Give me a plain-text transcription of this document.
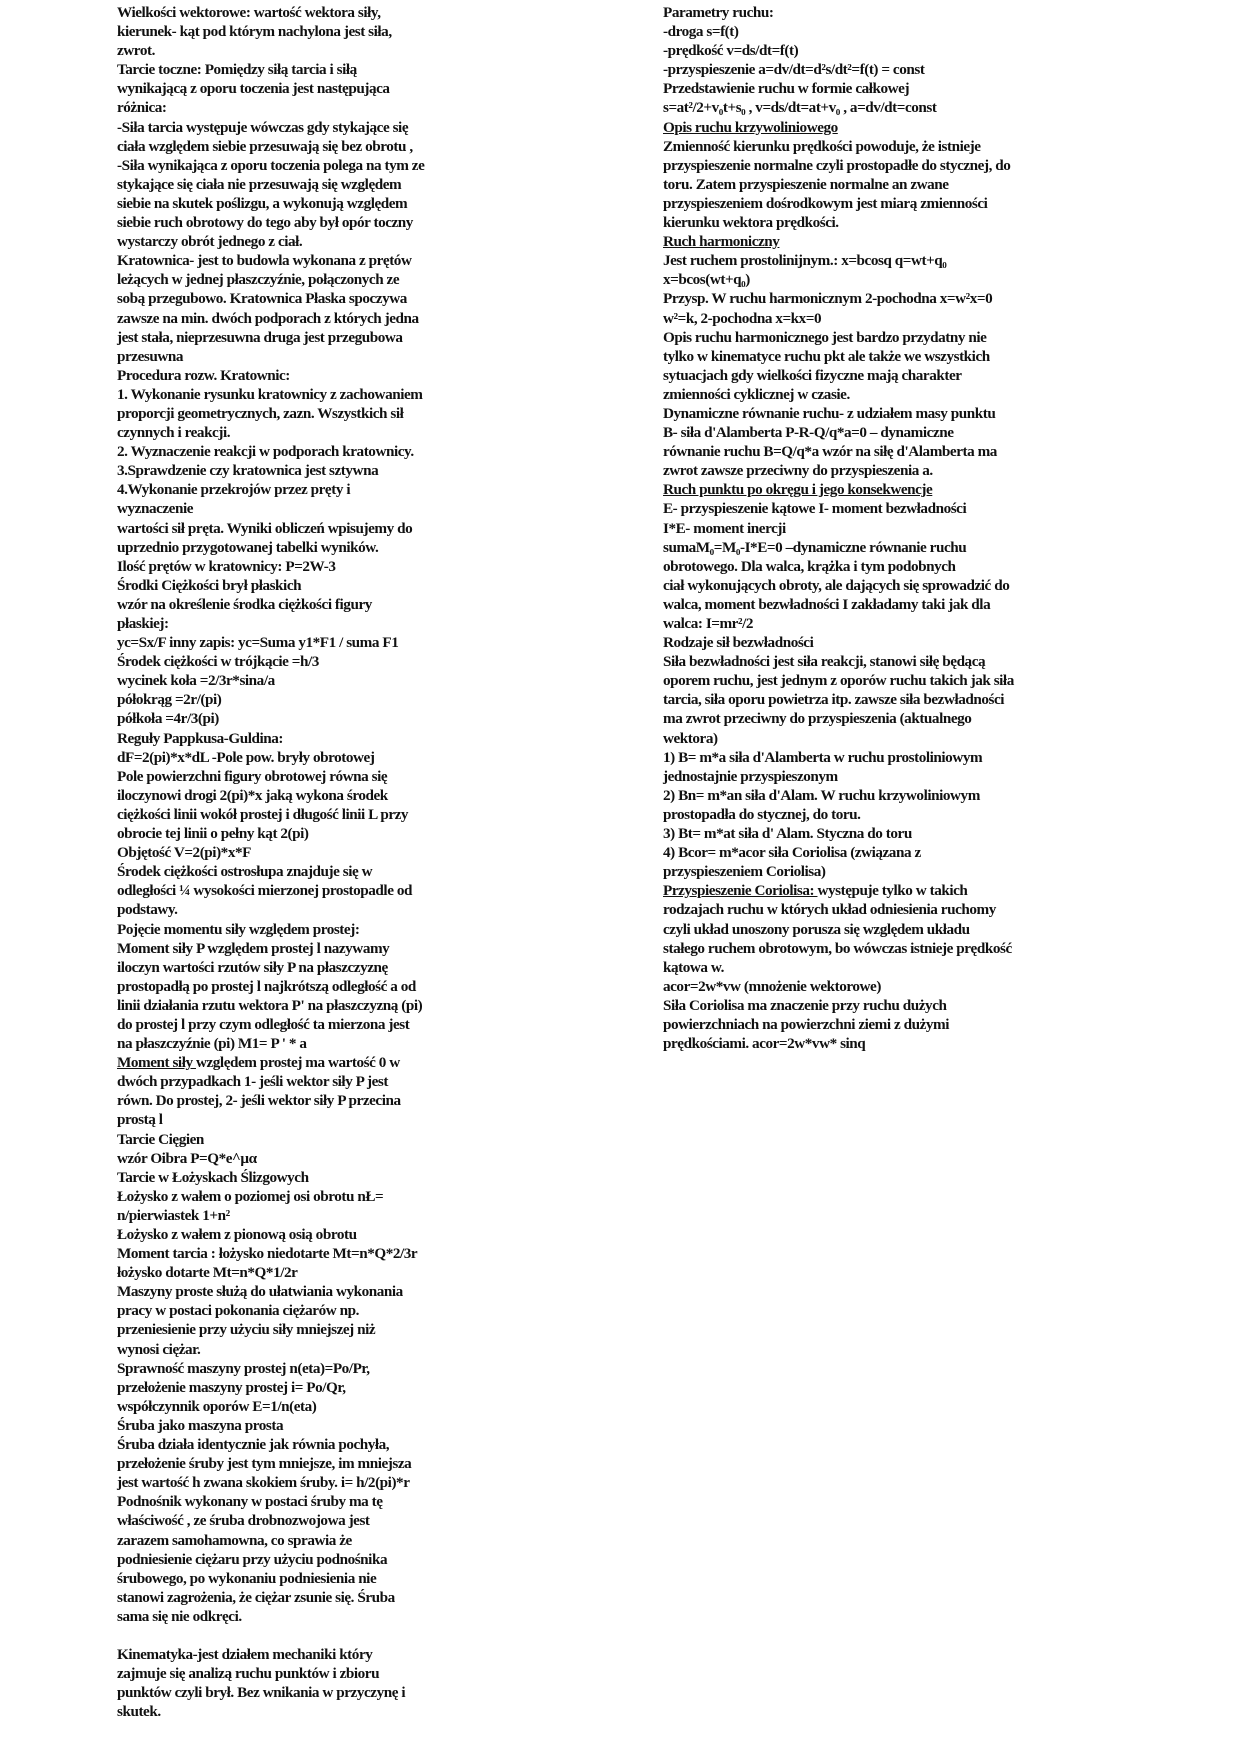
Wielkości wektorowe: wartość wektora siły,
kierunek- kąt pod którym nachylona jest siła,
zwrot.
Tarcie toczne: Pomiędzy siłą tarcia i siłą
wynikającą z oporu toczenia jest następująca
różnica:
-Siła tarcia występuje wówczas gdy stykające się
ciała względem siebie przesuwają się bez obrotu ,
-Siła wynikająca z oporu toczenia polega na tym ze
stykające się ciała nie przesuwają się względem
siebie na skutek poślizgu, a wykonują względem
siebie ruch obrotowy do tego aby był opór toczny
wystarczy obrót jednego z ciał.
Kratownica- jest to budowla wykonana z prętów
leżących w jednej płaszczyźnie, połączonych ze
sobą przegubowo. Kratownica Płaska spoczywa
zawsze na min. dwóch podporach z których jedna
jest stała, nieprzesuwna druga jest przegubowa
przesuwna
Procedura rozw. Kratownic:
1. Wykonanie rysunku kratownicy z zachowaniem
proporcji geometrycznych, zazn. Wszystkich sił
czynnych i reakcji.
2. Wyznaczenie reakcji w podporach kratownicy.
3.Sprawdzenie czy kratownica jest sztywna
4.Wykonanie przekrojów przez pręty i
wyznaczenie
wartości sił pręta. Wyniki obliczeń wpisujemy do
uprzednio przygotowanej tabelki wyników.
Ilość prętów w kratownicy: P=2W-3
Środki Ciężkości brył płaskich
wzór na określenie środka ciężkości figury
płaskiej:
yc=Sx/F inny zapis: yc=Suma y1*F1 / suma F1
Środek ciężkości w trójkącie =h/3
wycinek koła =2/3r*sina/a
półokrąg =2r/(pi)
półkoła =4r/3(pi)
Reguły Pappkusa-Guldina:
dF=2(pi)*x*dL -Pole pow. bryły obrotowej
Pole powierzchni figury obrotowej równa się
iloczynowi drogi 2(pi)*x jaką wykona środek
ciężkości linii wokół prostej i długość linii L przy
obrocie tej linii o pełny kąt 2(pi)
Objętość V=2(pi)*x*F
Środek ciężkości ostrosłupa znajduje się w
odległości ¼ wysokości mierzonej prostopadle od
podstawy.
Pojęcie momentu siły względem prostej:
Moment siły P względem prostej l nazywamy
iloczyn wartości rzutów siły P na płaszczyznę
prostopadłą po prostej l najkrótszą odległość a od
linii działania rzutu wektora P' na płaszczyzną (pi)
do prostej l przy czym odległość ta mierzona jest
na płaszczyźnie (pi) M1= P ' * a
Moment siły względem prostej ma wartość 0 w
dwóch przypadkach 1- jeśli wektor siły P jest
równ. Do prostej, 2- jeśli wektor siły P przecina
prostą l
Tarcie Cięgien
wzór Oibra P=Q*e^μα
Tarcie w Łożyskach Ślizgowych
Łożysko z wałem o poziomej osi obrotu nŁ=
n/pierwiastek 1+n²
Łożysko z wałem z pionową osią obrotu
Moment tarcia : łożysko niedotarte Mt=n*Q*2/3r
łożysko dotarte Mt=n*Q*1/2r
Maszyny proste służą do ułatwiania wykonania
pracy w postaci pokonania ciężarów np.
przeniesienie przy użyciu siły mniejszej niż
wynosi ciężar.
Sprawność maszyny prostej n(eta)=Po/Pr,
przełożenie maszyny prostej i= Po/Qr,
współczynnik oporów E=1/n(eta)
Śruba jako maszyna prosta
Śruba działa identycznie jak równia pochyła,
przełożenie śruby jest tym mniejsze, im mniejsza
jest wartość h zwana skokiem śruby. i= h/2(pi)*r
Podnośnik wykonany w postaci śruby ma tę
właściwość , ze śruba drobnozwojowa jest
zarazem samohamowna, co sprawia że
podniesienie ciężaru przy użyciu podnośnika
śrubowego, po wykonaniu podniesienia nie
stanowi zagrożenia, że ciężar zsunie się. Śruba
sama się nie odkręci.
Kinematyka-jest działem mechaniki który
zajmuje się analizą ruchu punktów i zbioru
punktów czyli brył. Bez wnikania w przyczynę i
skutek.
Parametry ruchu:
-droga s=f(t)
-prędkość v=ds/dt=f(t)
-przyspieszenie a=dv/dt=d²s/dt²=f(t) = const
Przedstawienie ruchu w formie całkowej
s=at²/2+v₀t+s₀ , v=ds/dt=at+v₀ , a=dv/dt=const
Opis ruchu krzywoliniowego
Zmienność kierunku prędkości powoduje, że istnieje
przyspieszenie normalne czyli prostopadłe do stycznej, do
toru. Zatem przyspieszenie normalne an zwane
przyspieszeniem dośrodkowym jest miarą zmienności
kierunku wektora prędkości.
Ruch harmoniczny
Jest ruchem prostolinijnym.: x=bcosq q=wt+q₀
x=bcos(wt+q₀)
Przysp. W ruchu harmonicznym 2-pochodna x=w²x=0
w²=k, 2-pochodna x=kx=0
Opis ruchu harmonicznego jest bardzo przydatny nie
tylko w kinematyce ruchu pkt ale także we wszystkich
sytuacjach gdy wielkości fizyczne mają charakter
zmienności cyklicznej w czasie.
Dynamiczne równanie ruchu- z udziałem masy punktu
B- siła d'Alamberta P-R-Q/q*a=0 – dynamiczne
równanie ruchu B=Q/q*a wzór na siłę d'Alamberta ma
zwrot zawsze przeciwny do przyspieszenia a.
Ruch punktu po okręgu i jego konsekwencje
E- przyspieszenie kątowe I- moment bezwładności
I*E- moment inercji
sumaM₀=M₀-I*E=0 –dynamiczne równanie ruchu
obrotowego. Dla walca, krążka i tym podobnych
ciał wykonujących obroty, ale dających się sprowadzić do
walca, moment bezwładności I zakładamy taki jak dla
walca: I=mr²/2
Rodzaje sił bezwładności
Siła bezwładności jest siła reakcji, stanowi siłę będącą
oporem ruchu, jest jednym z oporów ruchu takich jak siła
tarcia, siła oporu powietrza itp. zawsze siła bezwładności
ma zwrot przeciwny do przyspieszenia (aktualnego
wektora)
1) B= m*a siła d'Alamberta w ruchu prostoliniowym
jednostajnie przyspieszonym
2) Bn= m*an siła d'Alam. W ruchu krzywoliniowym
prostopadła do stycznej, do toru.
3) Bt= m*at siła d' Alam. Styczna do toru
4) Bcor= m*acor siła Coriolisa (związana z
przyspieszeniem Coriolisa)
Przyspieszenie Coriolisa: występuje tylko w takich
rodzajach ruchu w których układ odniesienia ruchomy
czyli układ unoszony porusza się względem układu
stałego ruchem obrotowym, bo wówczas istnieje prędkość
kątowa w.
acor=2w*vw (mnożenie wektorowe)
Siła Coriolisa ma znaczenie przy ruchu dużych
powierzchniach na powierzchni ziemi z dużymi
prędkościami. acor=2w*vw* sinq
